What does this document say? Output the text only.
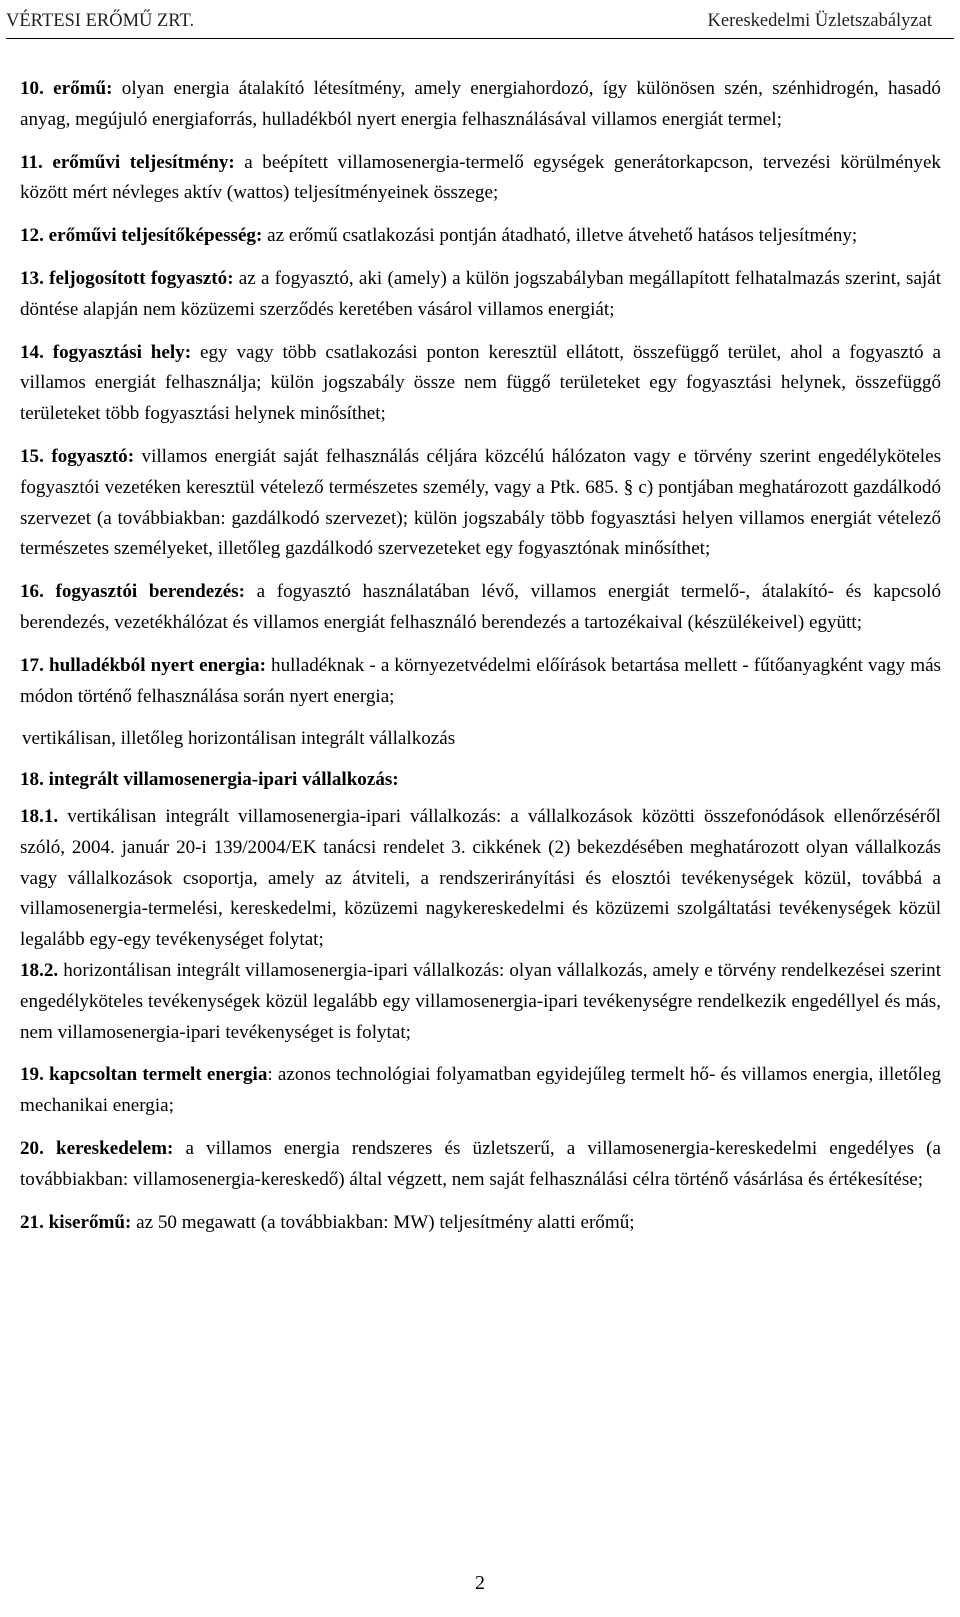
VÉRTESI ERŐMŰ ZRT.	Kereskedelmi Üzletszabályzat

10. erőmű: olyan energia átalakító létesítmény, amely energiahordozó, így különösen szén, szénhidrogén, hasadó anyag, megújuló energiaforrás, hulladékból nyert energia felhasználásával villamos energiát termel;

11. erőművi teljesítmény: a beépített villamosenergia-termelő egységek generátorkapcson, tervezési körülmények között mért névleges aktív (wattos) teljesítményeinek összege;

12. erőművi teljesítőképesség: az erőmű csatlakozási pontján átadható, illetve átvehető hatásos teljesítmény;

13. feljogosított fogyasztó: az a fogyasztó, aki (amely) a külön jogszabályban megállapított felhatalmazás szerint, saját döntése alapján nem közüzemi szerződés keretében vásárol villamos energiát;

14. fogyasztási hely: egy vagy több csatlakozási ponton keresztül ellátott, összefüggő terület, ahol a fogyasztó a villamos energiát felhasználja; külön jogszabály össze nem függő területeket egy fogyasztási helynek, összefüggő területeket több fogyasztási helynek minősíthet;

15. fogyasztó: villamos energiát saját felhasználás céljára közcélú hálózaton vagy e törvény szerint engedélyköteles fogyasztói vezetéken keresztül vételező természetes személy, vagy a Ptk. 685. § c) pontjában meghatározott gazdálkodó szervezet (a továbbiakban: gazdálkodó szervezet); külön jogszabály több fogyasztási helyen villamos energiát vételező természetes személyeket, illetőleg gazdálkodó szervezeteket egy fogyasztónak minősíthet;

16. fogyasztói berendezés: a fogyasztó használatában lévő, villamos energiát termelő-, átalakító- és kapcsoló berendezés, vezetékhálózat és villamos energiát felhasználó berendezés a tartozékaival (készülékeivel) együtt;

17. hulladékból nyert energia: hulladéknak - a környezetvédelmi előírások betartása mellett - fűtőanyagként vagy más módon történő felhasználása során nyert energia;

vertikálisan, illetőleg horizontálisan integrált vállalkozás

18. integrált villamosenergia-ipari vállalkozás:

18.1. vertikálisan integrált villamosenergia-ipari vállalkozás: a vállalkozások közötti összefonódások ellenőrzéséről szóló, 2004. január 20-i 139/2004/EK tanácsi rendelet 3. cikkének (2) bekezdésében meghatározott olyan vállalkozás vagy vállalkozások csoportja, amely az átviteli, a rendszerirányítási és elosztói tevékenységek közül, továbbá a villamosenergia-termelési, kereskedelmi, közüzemi nagykereskedelmi és közüzemi szolgáltatási tevékenységek közül legalább egy-egy tevékenységet folytat;

18.2. horizontálisan integrált villamosenergia-ipari vállalkozás: olyan vállalkozás, amely e törvény rendelkezései szerint engedélyköteles tevékenységek közül legalább egy villamosenergia-ipari tevékenységre rendelkezik engedéllyel és más, nem villamosenergia-ipari tevékenységet is folytat;

19. kapcsoltan termelt energia: azonos technológiai folyamatban egyidejűleg termelt hő- és villamos energia, illetőleg mechanikai energia;

20. kereskedelem: a villamos energia rendszeres és üzletszerű, a villamosenergia-kereskedelmi engedélyes (a továbbiakban: villamosenergia-kereskedő) által végzett, nem saját felhasználási célra történő vásárlása és értékesítése;

21. kiserőmű: az 50 megawatt (a továbbiakban: MW) teljesítmény alatti erőmű;

2
